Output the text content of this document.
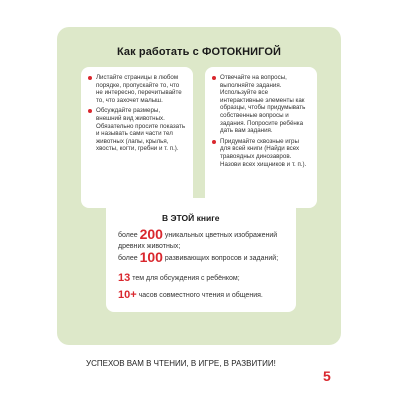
Как работать с ФОТОКНИГОЙ
Листайте страницы в любом порядке, пропускайте то, что не интересно, перечитывайте то, что захочет малыш.
Обсуждайте размеры, внешний вид животных. Обязательно просите показать и называть сами части тел животных (лапы, крылья, хвосты, когти, гребни и т. п.).
Отвечайте на вопросы, выполняйте задания. Используйте все интерактивные элементы как образцы, чтобы придумывать собственные вопросы и задания. Попросите ребёнка дать вам задания.
Придумайте сквозные игры для всей книги (Найди всех травоядных динозавров. Назови всех хищников и т. п.).
В ЭТОЙ книге
более 200 уникальных цветных изображений
древних животных;
более 100 развивающих вопросов и заданий;
13 тем для обсуждения с ребёнком;
10+ часов совместного чтения и общения.
УСПЕХОВ ВАМ В ЧТЕНИИ, В ИГРЕ, В РАЗВИТИИ!
5
